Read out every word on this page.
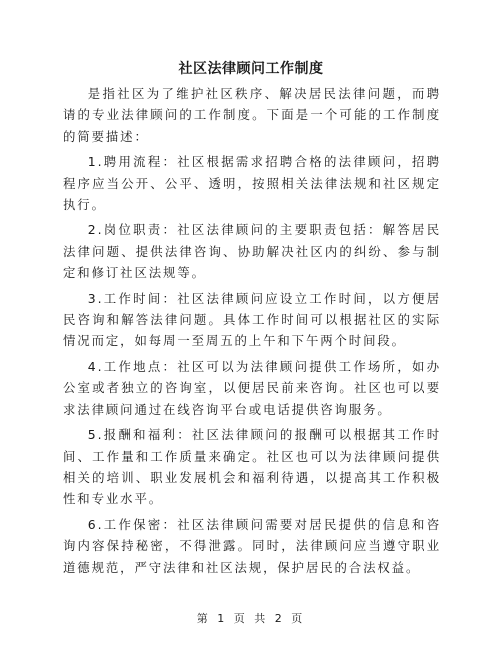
社区法律顾问工作制度

是指社区为了维护社区秩序、解决居民法律问题，而聘请的专业法律顾问的工作制度。下面是一个可能的工作制度的简要描述：

1.聘用流程：社区根据需求招聘合格的法律顾问，招聘程序应当公开、公平、透明，按照相关法律法规和社区规定执行。

2.岗位职责：社区法律顾问的主要职责包括：解答居民法律问题、提供法律咨询、协助解决社区内的纠纷、参与制定和修订社区法规等。

3.工作时间：社区法律顾问应设立工作时间，以方便居民咨询和解答法律问题。具体工作时间可以根据社区的实际情况而定，如每周一至周五的上午和下午两个时间段。

4.工作地点：社区可以为法律顾问提供工作场所，如办公室或者独立的咨询室，以便居民前来咨询。社区也可以要求法律顾问通过在线咨询平台或电话提供咨询服务。

5.报酬和福利：社区法律顾问的报酬可以根据其工作时间、工作量和工作质量来确定。社区也可以为法律顾问提供相关的培训、职业发展机会和福利待遇，以提高其工作积极性和专业水平。

6.工作保密：社区法律顾问需要对居民提供的信息和咨询内容保持秘密，不得泄露。同时，法律顾问应当遵守职业道德规范，严守法律和社区法规，保护居民的合法权益。

第 1 页 共 2 页
